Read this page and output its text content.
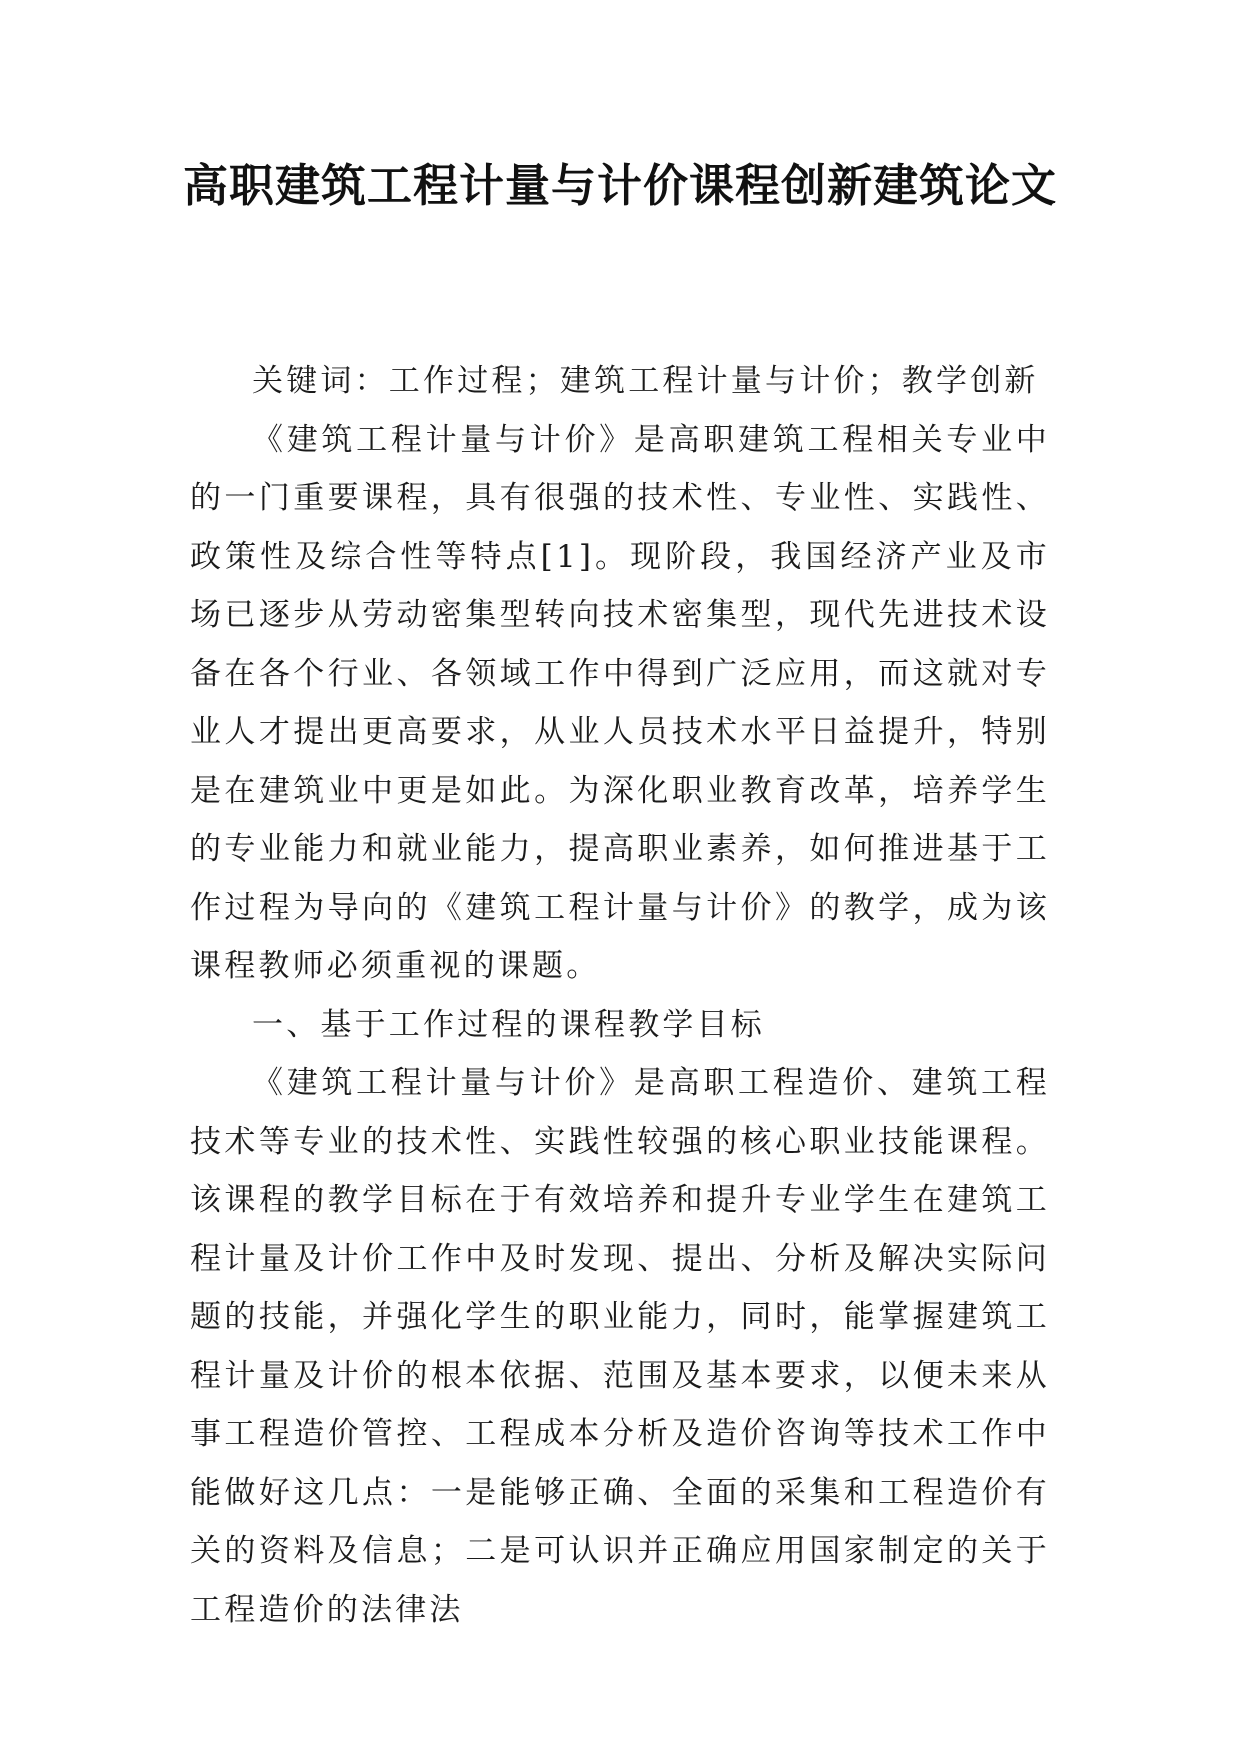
高职建筑工程计量与计价课程创新建筑论文

关键词：工作过程；建筑工程计量与计价；教学创新

《建筑工程计量与计价》是高职建筑工程相关专业中的一门重要课程，具有很强的技术性、专业性、实践性、政策性及综合性等特点[1]。现阶段，我国经济产业及市场已逐步从劳动密集型转向技术密集型，现代先进技术设备在各个行业、各领域工作中得到广泛应用，而这就对专业人才提出更高要求，从业人员技术水平日益提升，特别是在建筑业中更是如此。为深化职业教育改革，培养学生的专业能力和就业能力，提高职业素养，如何推进基于工作过程为导向的《建筑工程计量与计价》的教学，成为该课程教师必须重视的课题。

一、基于工作过程的课程教学目标

《建筑工程计量与计价》是高职工程造价、建筑工程技术等专业的技术性、实践性较强的核心职业技能课程。该课程的教学目标在于有效培养和提升专业学生在建筑工程计量及计价工作中及时发现、提出、分析及解决实际问题的技能，并强化学生的职业能力，同时，能掌握建筑工程计量及计价的根本依据、范围及基本要求，以便未来从事工程造价管控、工程成本分析及造价咨询等技术工作中能做好这几点：一是能够正确、全面的采集和工程造价有关的资料及信息；二是可认识并正确应用国家制定的关于工程造价的法律法
